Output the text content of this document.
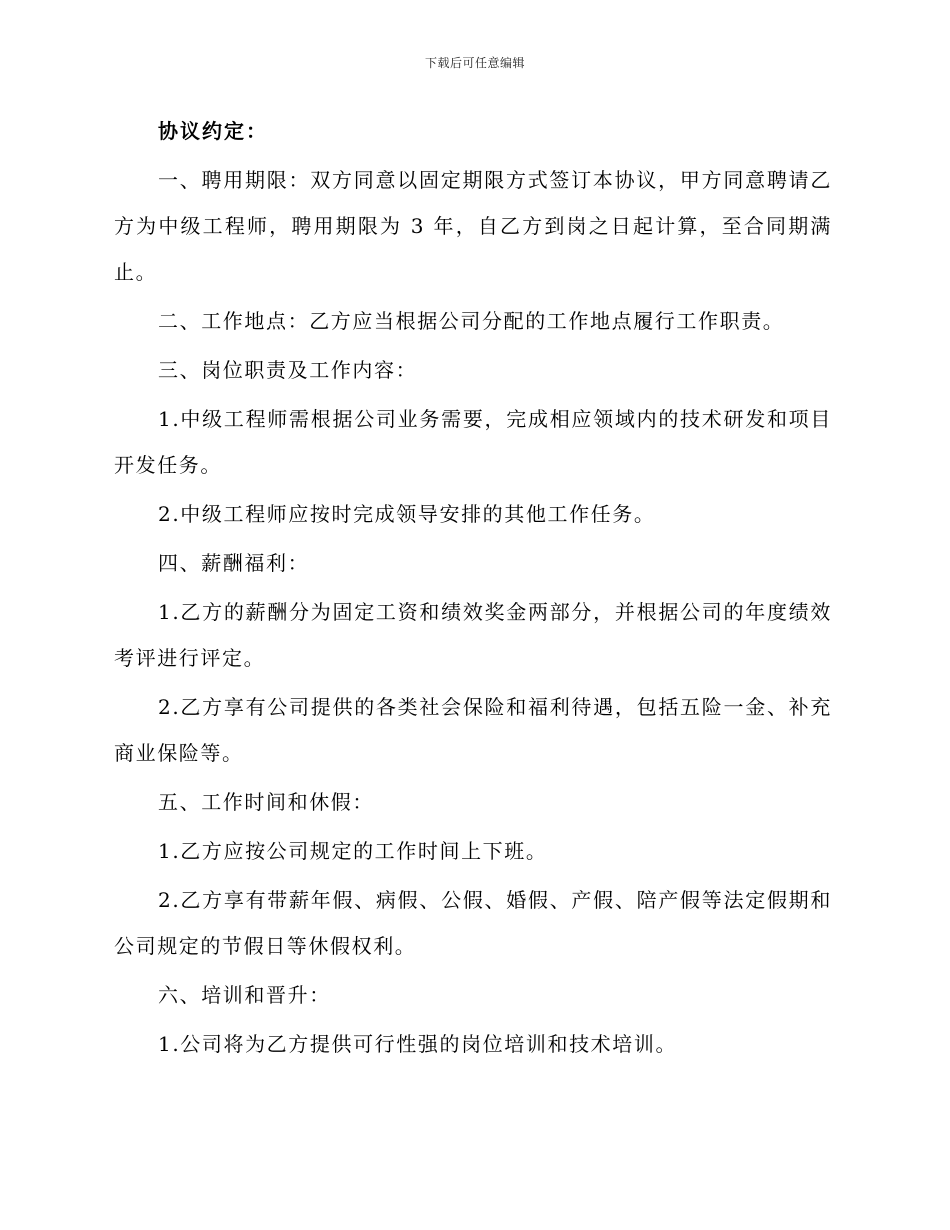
下载后可任意编辑

协议约定：

一、聘用期限：双方同意以固定期限方式签订本协议，甲方同意聘请乙方为中级工程师，聘用期限为 3 年，自乙方到岗之日起计算，至合同期满止。

二、工作地点：乙方应当根据公司分配的工作地点履行工作职责。

三、岗位职责及工作内容：

1.中级工程师需根据公司业务需要，完成相应领域内的技术研发和项目开发任务。

2.中级工程师应按时完成领导安排的其他工作任务。

四、薪酬福利：

1.乙方的薪酬分为固定工资和绩效奖金两部分，并根据公司的年度绩效考评进行评定。

2.乙方享有公司提供的各类社会保险和福利待遇，包括五险一金、补充商业保险等。

五、工作时间和休假：

1.乙方应按公司规定的工作时间上下班。

2.乙方享有带薪年假、病假、公假、婚假、产假、陪产假等法定假期和公司规定的节假日等休假权利。

六、培训和晋升：

1.公司将为乙方提供可行性强的岗位培训和技术培训。
